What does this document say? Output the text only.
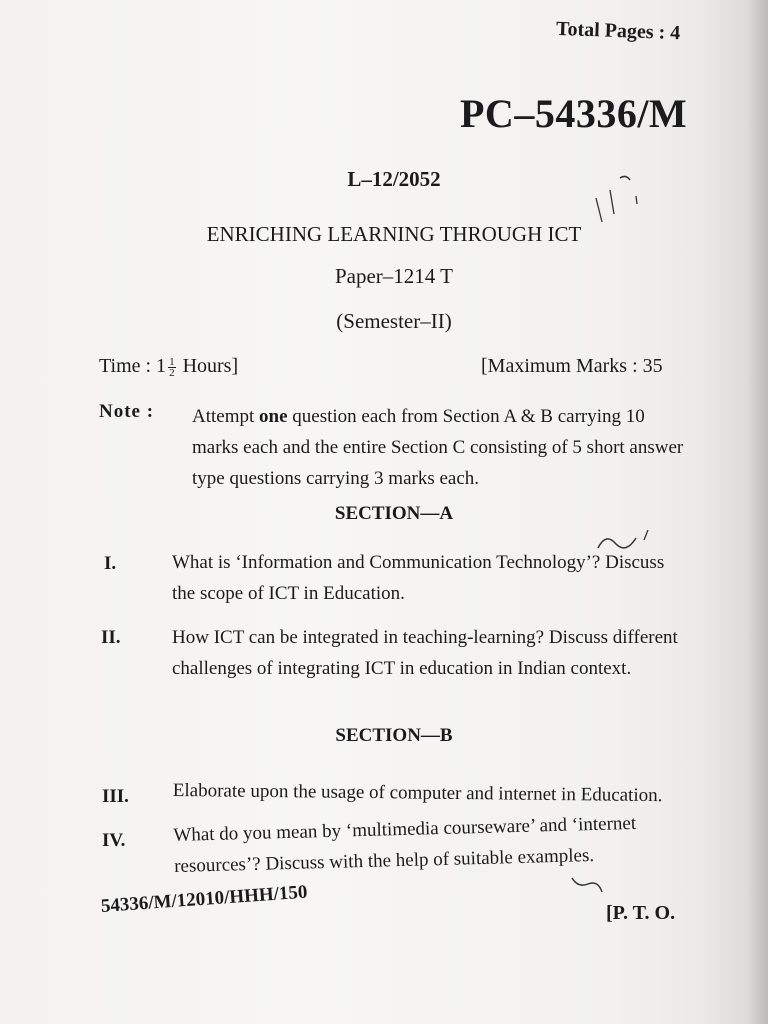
Total Pages : 4
PC–54336/M
L–12/2052
ENRICHING LEARNING THROUGH ICT
Paper–1214 T
(Semester–II)
Time : $1 \frac{1}{2}$ Hours]	[Maximum Marks : 35
Note : Attempt one question each from Section A & B carrying 10 marks each and the entire Section C consisting of 5 short answer type questions carrying 3 marks each.
SECTION—A
I.	What is ‘Information and Communication Technology’? Discuss the scope of ICT in Education.
II.	How ICT can be integrated in teaching-learning? Discuss different challenges of integrating ICT in education in Indian context.
SECTION—B
III. Elaborate upon the usage of computer and internet in Education.
IV.	What do you mean by ‘multimedia courseware’ and ‘internet resources’? Discuss with the help of suitable examples.
54336/M/12010/HHH/150	[P. T. O.
